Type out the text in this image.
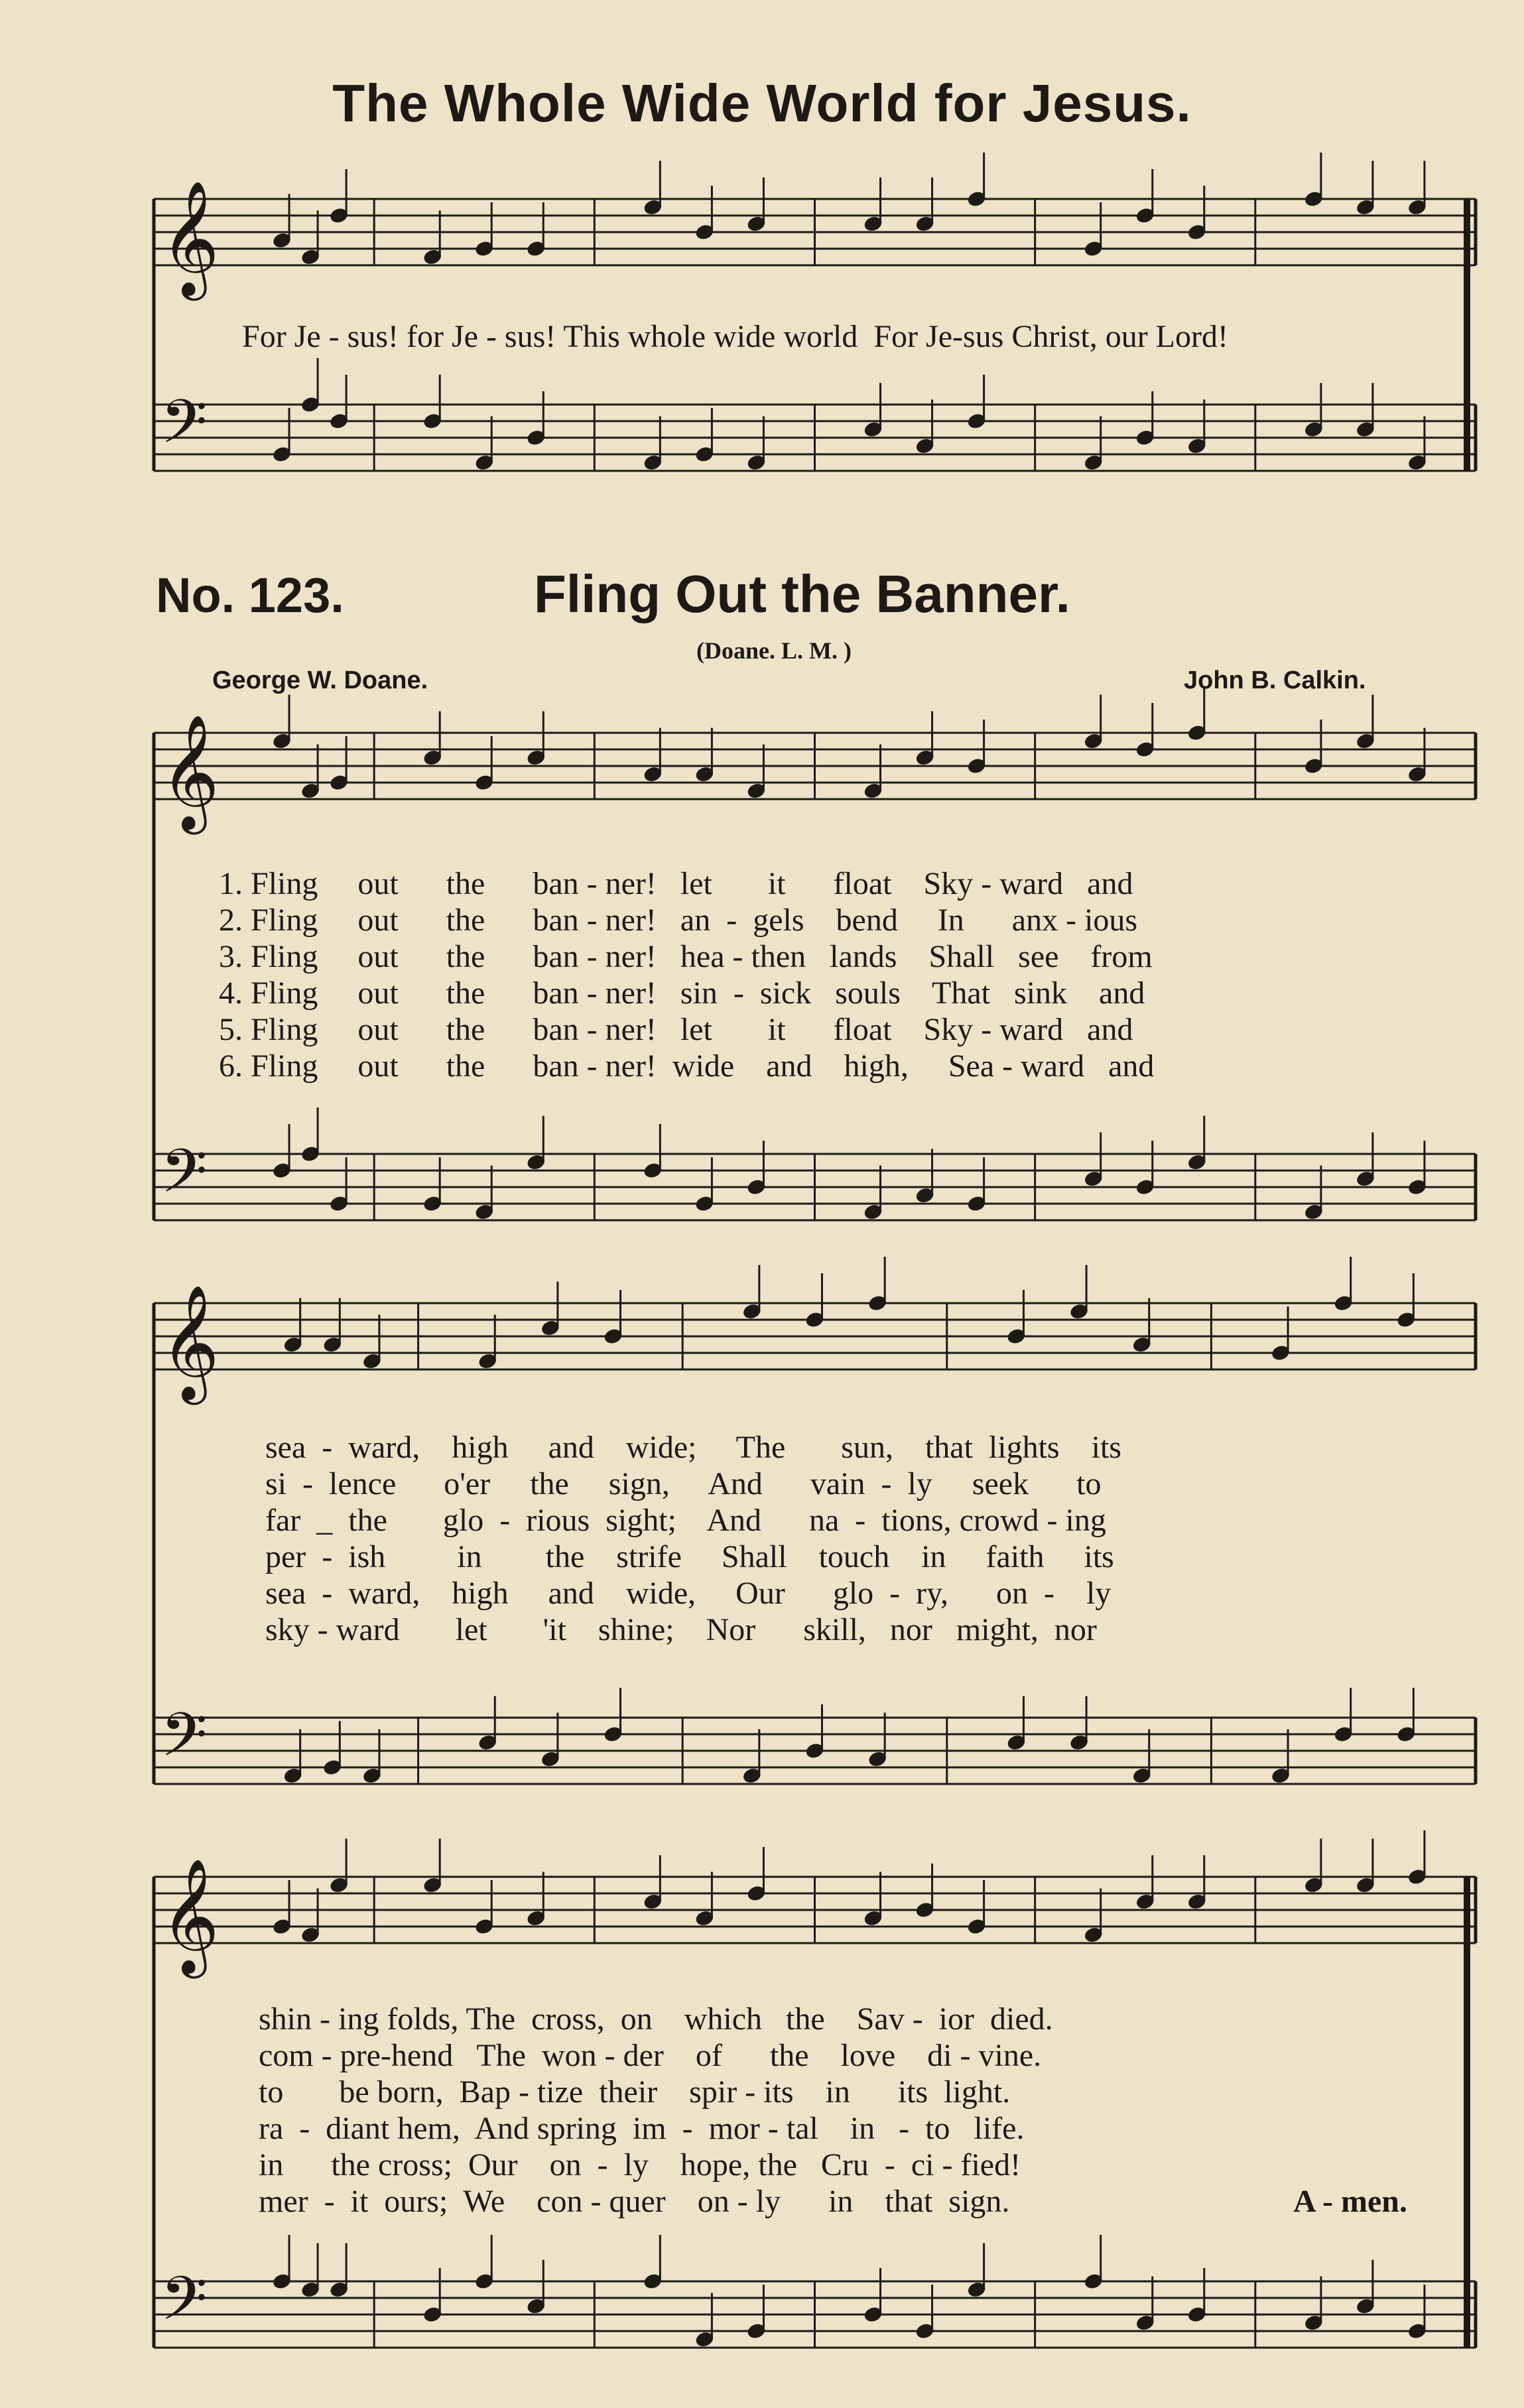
𝄞
𝄢
𝄞
𝄢
𝄞
𝄢
𝄞
𝄢
The Whole Wide World for Jesus.
For Je - sus! for Je - sus! This whole wide world  For Je-sus Christ, our Lord!
No. 123.	Fling Out the Banner.
(Doane. L. M. )
George W. Doane.	John B. Calkin.
1. Fling     out      the      ban - ner!   let       it      float    Sky - ward   and
2. Fling     out      the      ban - ner!   an  -  gels    bend     In      anx - ious
3. Fling     out      the      ban - ner!   hea - then   lands    Shall   see    from
4. Fling     out      the      ban - ner!   sin  -  sick   souls    That   sink    and
5. Fling     out      the      ban - ner!   let       it      float    Sky - ward   and
6. Fling     out      the      ban - ner!  wide    and    high,     Sea - ward   and
sea  -  ward,    high     and    wide;     The       sun,    that  lights    its
si  -  lence      o'er     the     sign,     And      vain  -  ly     seek      to
far  _  the       glo  -  rious  sight;    And      na  -  tions, crowd - ing
per  -  ish         in        the    strife     Shall    touch    in     faith     its
sea  -  ward,    high     and    wide,     Our      glo  -  ry,      on  -    ly
sky - ward       let       'it    shine;    Nor      skill,   nor   might,  nor
shin - ing folds, The  cross,  on    which   the    Sav -  ior  died.
com - pre-hend   The  won - der    of      the    love    di - vine.
to       be born,  Bap - tize  their    spir - its    in      its  light.
ra  -  diant hem,  And spring  im  -  mor - tal    in   -  to   life.
in      the cross;  Our    on  -  ly    hope, the   Cru  -  ci - fied!
mer  -  it  ours;  We    con - quer    on - ly      in    that  sign.	A - men.
